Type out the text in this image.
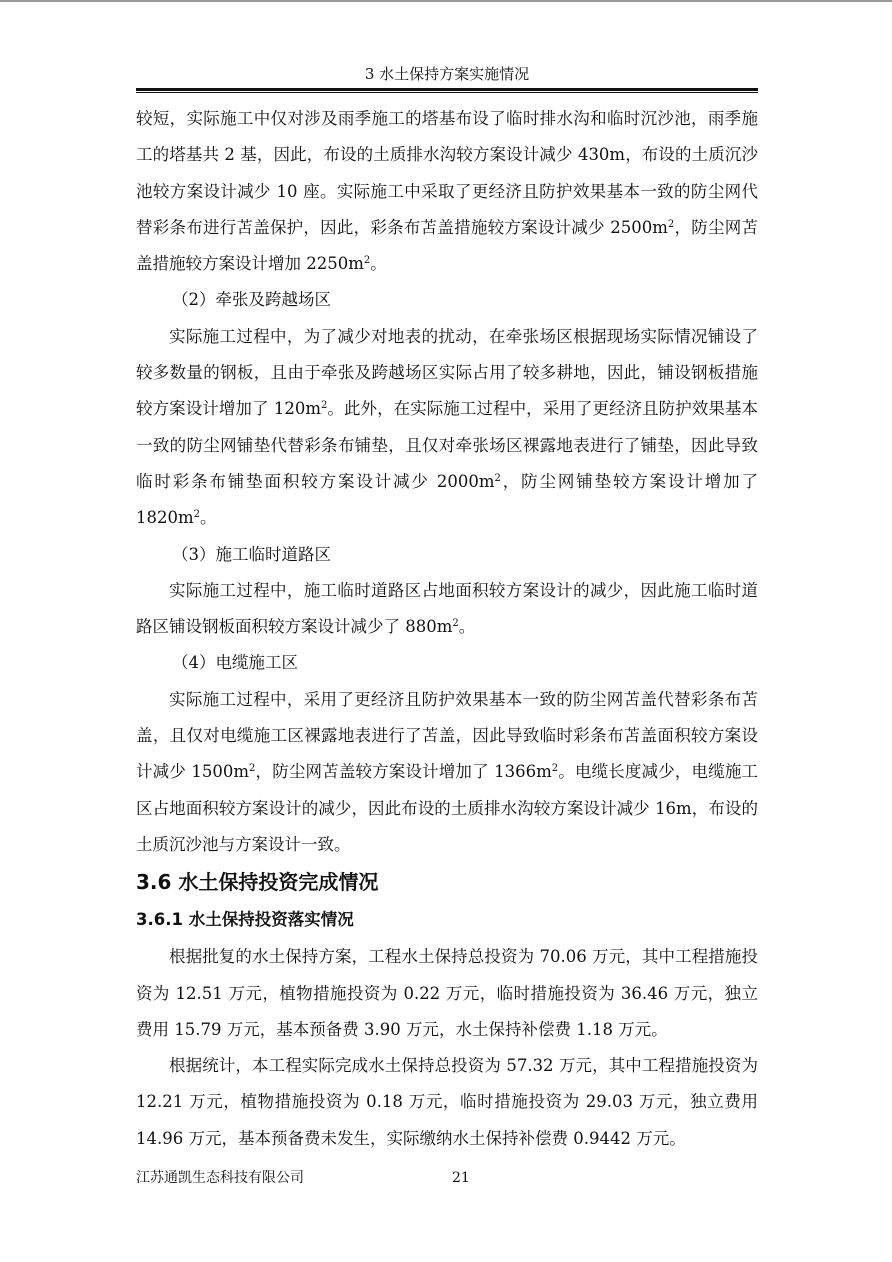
3 水土保持方案实施情况

较短，实际施工中仅对涉及雨季施工的塔基布设了临时排水沟和临时沉沙池，雨季施工的塔基共 2 基，因此，布设的土质排水沟较方案设计减少 430m，布设的土质沉沙池较方案设计减少 10 座。实际施工中采取了更经济且防护效果基本一致的防尘网代替彩条布进行苫盖保护，因此，彩条布苫盖措施较方案设计减少 $2500m^2$，防尘网苫盖措施较方案设计增加 $2250m^2$。

（2）牵张及跨越场区

实际施工过程中，为了减少对地表的扰动，在牵张场区根据现场实际情况铺设了较多数量的钢板，且由于牵张及跨越场区实际占用了较多耕地，因此，铺设钢板措施较方案设计增加了 $120m^2$。此外，在实际施工过程中，采用了更经济且防护效果基本一致的防尘网铺垫代替彩条布铺垫，且仅对牵张场区裸露地表进行了铺垫，因此导致临时彩条布铺垫面积较方案设计减少 $2000m^2$，防尘网铺垫较方案设计增加了 $1820m^2$。

（3）施工临时道路区

实际施工过程中，施工临时道路区占地面积较方案设计的减少，因此施工临时道路区铺设钢板面积较方案设计减少了 $880m^2$。

（4）电缆施工区

实际施工过程中，采用了更经济且防护效果基本一致的防尘网苫盖代替彩条布苫盖，且仅对电缆施工区裸露地表进行了苫盖，因此导致临时彩条布苫盖面积较方案设计减少 $1500m^2$，防尘网苫盖较方案设计增加了 $1366m^2$。电缆长度减少，电缆施工区占地面积较方案设计的减少，因此布设的土质排水沟较方案设计减少 16m，布设的土质沉沙池与方案设计一致。

3.6 水土保持投资完成情况
3.6.1 水土保持投资落实情况

根据批复的水土保持方案，工程水土保持总投资为 70.06 万元，其中工程措施投资为 12.51 万元，植物措施投资为 0.22 万元，临时措施投资为 36.46 万元，独立费用 15.79 万元，基本预备费 3.90 万元，水土保持补偿费 1.18 万元。

根据统计，本工程实际完成水土保持总投资为 57.32 万元，其中工程措施投资为 12.21 万元，植物措施投资为 0.18 万元，临时措施投资为 29.03 万元，独立费用 14.96 万元，基本预备费未发生，实际缴纳水土保持补偿费 0.9442 万元。

江苏通凯生态科技有限公司	21
